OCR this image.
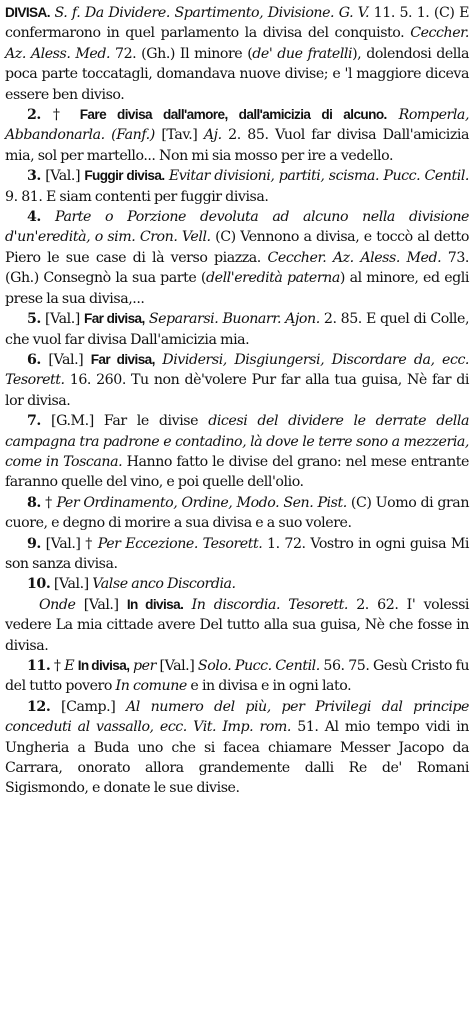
DIVISA. S. f. Da Dividere. Spartimento, Divisione. G. V. 11. 5. 1. (C) E confermarono in quel parlamento la divisa del conquisto. Ceccher. Az. Aless. Med. 72. (Gh.) Il minore (de' due fratelli), dolendosi della poca parte toccatagli, domandava nuove divise; e 'l maggiore diceva essere ben diviso.

2. † Fare divisa dall'amore, dall'amicizia di alcuno. Romperla, Abbandonarla. (Fanf.) [Tav.] Aj. 2. 85. Vuol far divisa Dall'amicizia mia, sol per martello... Non mi sia mosso per ire a vedello.

3. [Val.] Fuggir divisa. Evitar divisioni, partiti, scisma. Pucc. Centil. 9. 81. E siam contenti per fuggir divisa.

4. Parte o Porzione devoluta ad alcuno nella divisione d'un'eredità, o sim. Cron. Vell. (C) Vennono a divisa, e toccò al detto Piero le sue case di là verso piazza. Ceccher. Az. Aless. Med. 73. (Gh.) Consegnò la sua parte (dell'eredità paterna) al minore, ed egli prese la sua divisa,...

5. [Val.] Far divisa, Separarsi. Buonarr. Ajon. 2. 85. E quel di Colle, che vuol far divisa Dall'amicizia mia.

6. [Val.] Far divisa, Dividersi, Disgiungersi, Discordare da, ecc. Tesorett. 16. 260. Tu non dè'volere Pur far alla tua guisa, Nè far di lor divisa.

7. [G.M.] Far le divise dicesi del dividere le derrate della campagna tra padrone e contadino, là dove le terre sono a mezzeria, come in Toscana. Hanno fatto le divise del grano: nel mese entrante faranno quelle del vino, e poi quelle dell'olio.

8. † Per Ordinamento, Ordine, Modo. Sen. Pist. (C) Uomo di gran cuore, e degno di morire a sua divisa e a suo volere.

9. [Val.] † Per Eccezione. Tesorett. 1. 72. Vostro in ogni guisa Mi son sanza divisa.

10. [Val.] Valse anco Discordia.

Onde [Val.] In divisa. In discordia. Tesorett. 2. 62. I' volessi vedere La mia cittade avere Del tutto alla sua guisa, Nè che fosse in divisa.

11. † E In divisa, per [Val.] Solo. Pucc. Centil. 56. 75. Gesù Cristo fu del tutto povero In comune e in divisa e in ogni lato.

12. [Camp.] Al numero del più, per Privilegi dal principe conceduti al vassallo, ecc. Vit. Imp. rom. 51. Al mio tempo vidi in Ungheria a Buda uno che si facea chiamare Messer Jacopo da Carrara, onorato allora grandemente dalli Re de' Romani Sigismondo, e donate le sue divise.
